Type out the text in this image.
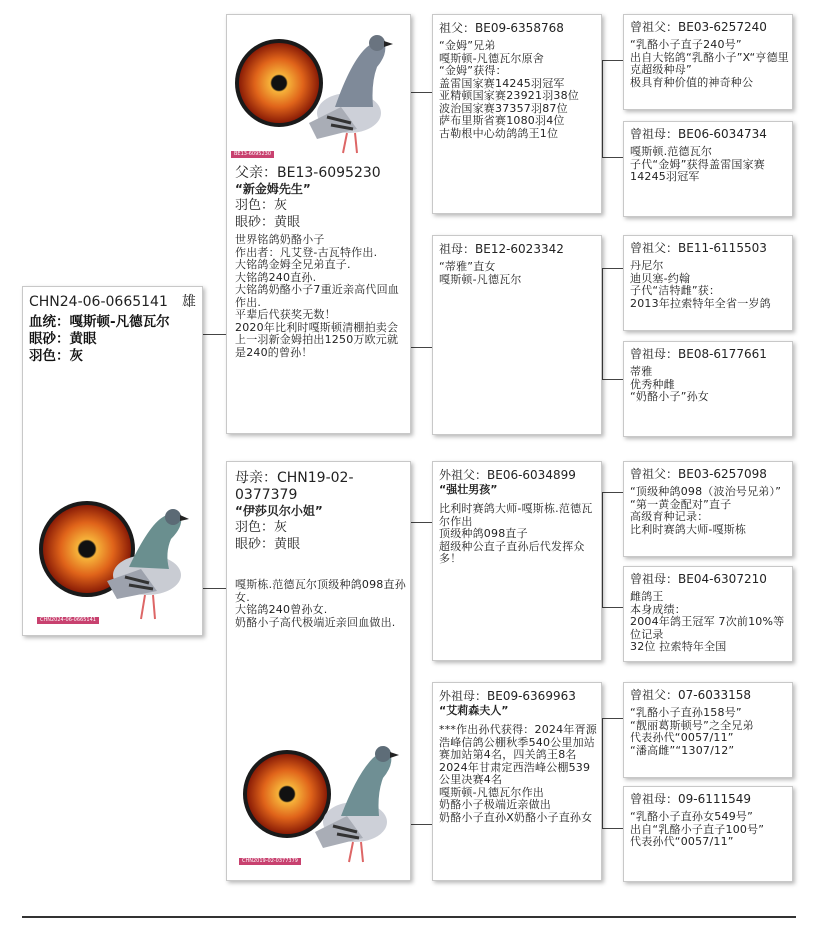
CHN24-06-0665141 雄
血统：嘎斯顿-凡德瓦尔
眼砂：黄眼
羽色：灰
CHN2024-06-0665141
BE13-6095230
父亲：BE13-6095230
“新金姆先生”
羽色：灰
眼砂：黄眼
世界铭鸽奶酪小子
作出者：凡艾登-古瓦特作出.
大铭鸽金姆全兄弟直子.
大铭鸽240直孙.
大铭鸽奶酪小子7重近亲高代回血作出.
平辈后代获奖无数！
2020年比利时嘎斯顿清棚拍卖会上一羽新金姆拍出1250万欧元就是240的曾孙！
母亲：CHN19-02-0377379
“伊莎贝尔小姐”
羽色：灰
眼砂：黄眼
嘎斯栋.范德瓦尔顶级种鸽098直孙女.
大铭鸽240曾孙女.
奶酪小子高代极端近亲回血做出.
CHN2019-02-0377379
祖父：BE09-6358768
“金姆”兄弟
嘎斯顿-凡德瓦尔原舍
“金姆”获得：
盖雷国家赛14245羽冠军
亚精顿国家赛23921羽38位
波治国家赛37357羽87位
萨布里斯省赛1080羽4位
古勒根中心幼鸽鸽王1位
祖母：BE12-6023342
“蒂雅”直女
嘎斯顿-凡德瓦尔
外祖父：BE06-6034899
“强壮男孩”
比利时赛鸽大师-嘎斯栋.范德瓦尔作出
顶级种鸽098直子
超级种公直子直孙后代发挥众多！
外祖母：BE09-6369963
“艾莉森夫人”
***作出孙代获得：2024年胥源浩峰信鸽公棚秋季540公里加站赛加站第4名，四关鸽王8名
2024年甘肃定西浩峰公棚539公里决赛4名
嘎斯顿-凡德瓦尔作出
奶酪小子极端近亲做出
奶酪小子直孙X奶酪小子直孙女
曾祖父：BE03-6257240
“乳酪小子直子240号”
出自大铭鸽“乳酪小子”X“亨德里克超级种母”
极具育种价值的神奇种公
曾祖母：BE06-6034734
嘎斯顿.范德瓦尔
子代“金姆”获得盖雷国家赛14245羽冠军
曾祖父：BE11-6115503
丹尼尔
迪贝塞-约翰
子代“洁特雌”获：
2013年拉索特年全省一岁鸽
曾祖母：BE08-6177661
蒂雅
优秀种雌
“奶酪小子”孙女
曾祖父：BE03-6257098
“顶级种鸽098（波治号兄弟）”
“第一黄金配对”直子
高级育种记录：
比利时赛鸽大师-嘎斯栋
曾祖母：BE04-6307210
雌鸽王
本身成绩：
2004年鸽王冠军 7次前10%等位记录
32位 拉索特年全国
曾祖父：07-6033158
“乳酪小子直孙158号”
“靓丽葛斯顿号”之全兄弟
代表孙代“0057/11”
“潘高雌”“1307/12”
曾祖母：09-6111549
“乳酪小子直孙女549号”
出自“乳酪小子直子100号”
代表孙代“0057/11”
